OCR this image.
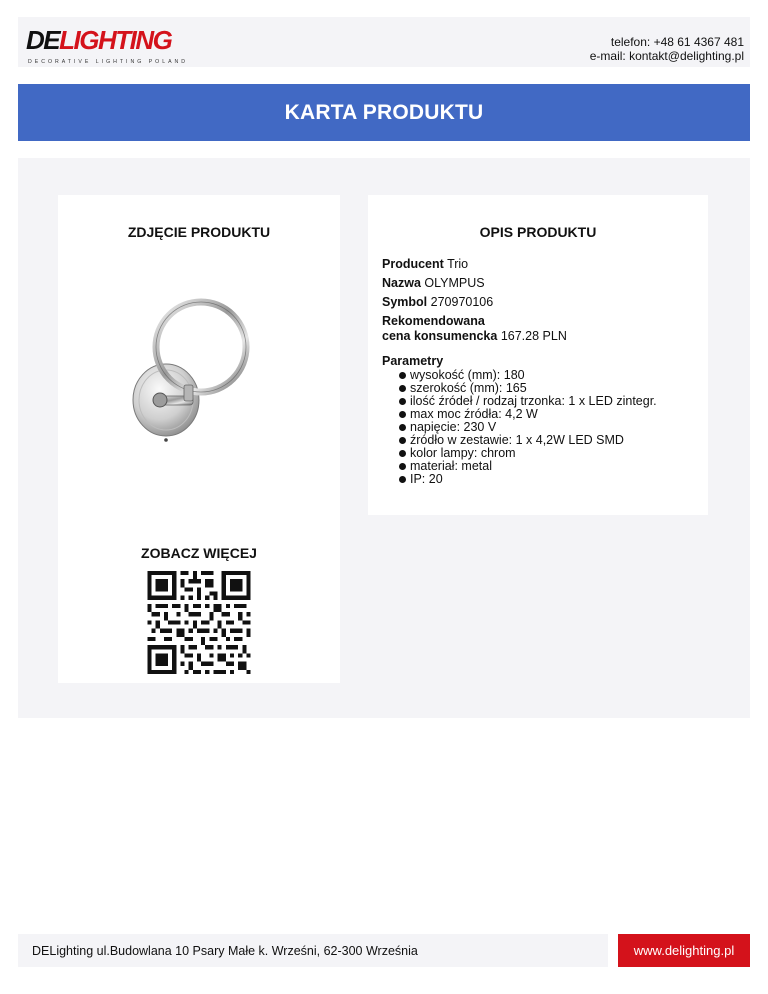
DELIGHTING
DECORATIVE LIGHTING POLAND
telefon: +48 61 4367 481
e-mail: kontakt@delighting.pl
KARTA PRODUKTU
ZDJĘCIE PRODUKTU
ZOBACZ WIĘCEJ
OPIS PRODUKTU
Producent Trio
Nazwa OLYMPUS
Symbol 270970106
Rekomendowana
cena konsumencka 167.28 PLN
Parametry
wysokość (mm): 180
szerokość (mm): 165
ilość źródeł / rodzaj trzonka: 1 x LED zintegr.
max moc źródła: 4,2 W
napięcie: 230 V
źródło w zestawie: 1 x 4,2W LED SMD
kolor lampy: chrom
materiał: metal
IP: 20
DELighting ul.Budowlana 10 Psary Małe k. Wrześni, 62-300 Września	www.delighting.pl
